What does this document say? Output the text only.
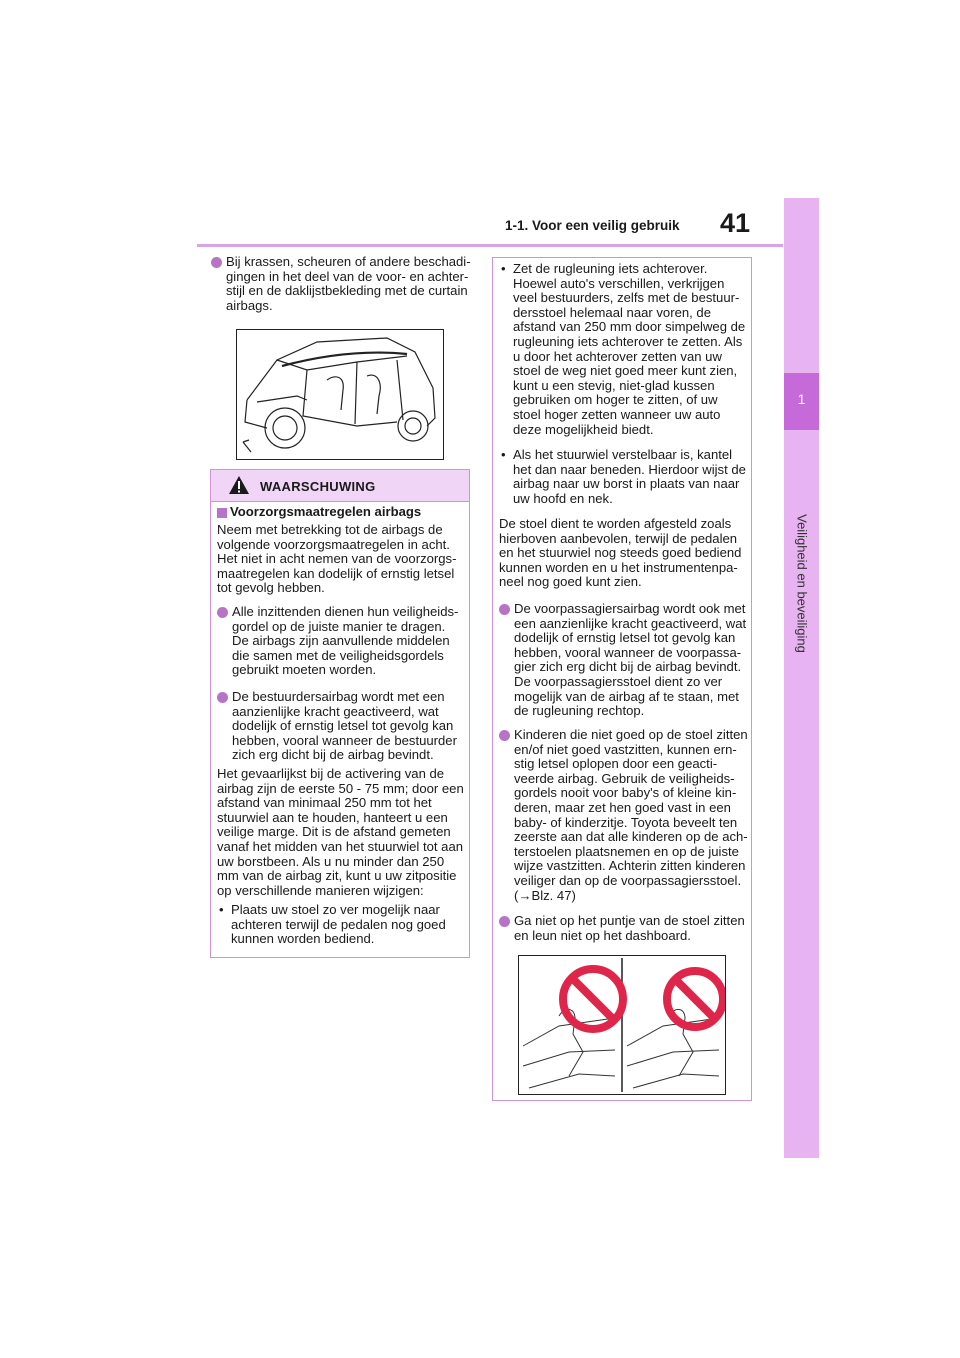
41
1-1. Voor een veilig gebruik
1
Veiligheid en beveiliging
Bij krassen, scheuren of andere beschadi-
gingen in het deel van de voor- en achter-
stijl en de daklijstbekleding met de curtain
airbags.
WAARSCHUWING
Voorzorgsmaatregelen airbags
Neem met betrekking tot de airbags de
volgende voorzorgsmaatregelen in acht.
Het niet in acht nemen van de voorzorgs-
maatregelen kan dodelijk of ernstig letsel
tot gevolg hebben.
Alle inzittenden dienen hun veiligheids-
gordel op de juiste manier te dragen.
De airbags zijn aanvullende middelen
die samen met de veiligheidsgordels
gebruikt moeten worden.
De bestuurdersairbag wordt met een
aanzienlijke kracht geactiveerd, wat
dodelijk of ernstig letsel tot gevolg kan
hebben, vooral wanneer de bestuurder
zich erg dicht bij de airbag bevindt.
Het gevaarlijkst bij de activering van de
airbag zijn de eerste 50 - 75 mm; door een
afstand van minimaal 250 mm tot het
stuurwiel aan te houden, hanteert u een
veilige marge. Dit is de afstand gemeten
vanaf het midden van het stuurwiel tot aan
uw borstbeen. Als u nu minder dan 250
mm van de airbag zit, kunt u uw zitpositie
op verschillende manieren wijzigen:
• Plaats uw stoel zo ver mogelijk naar
achteren terwijl de pedalen nog goed
kunnen worden bediend.
• Zet de rugleuning iets achterover.
Hoewel auto's verschillen, verkrijgen
veel bestuurders, zelfs met de bestuur-
dersstoel helemaal naar voren, de
afstand van 250 mm door simpelweg de
rugleuning iets achterover te zetten. Als
u door het achterover zetten van uw
stoel de weg niet goed meer kunt zien,
kunt u een stevig, niet-glad kussen
gebruiken om hoger te zitten, of uw
stoel hoger zetten wanneer uw auto
deze mogelijkheid biedt.
• Als het stuurwiel verstelbaar is, kantel
het dan naar beneden. Hierdoor wijst de
airbag naar uw borst in plaats van naar
uw hoofd en nek.
De stoel dient te worden afgesteld zoals
hierboven aanbevolen, terwijl de pedalen
en het stuurwiel nog steeds goed bediend
kunnen worden en u het instrumentenpa-
neel nog goed kunt zien.
De voorpassagiersairbag wordt ook met
een aanzienlijke kracht geactiveerd, wat
dodelijk of ernstig letsel tot gevolg kan
hebben, vooral wanneer de voorpassa-
gier zich erg dicht bij de airbag bevindt.
De voorpassagiersstoel dient zo ver
mogelijk van de airbag af te staan, met
de rugleuning rechtop.
Kinderen die niet goed op de stoel zitten
en/of niet goed vastzitten, kunnen ern-
stig letsel oplopen door een geacti-
veerde airbag. Gebruik de veiligheids-
gordels nooit voor baby's of kleine kin-
deren, maar zet hen goed vast in een
baby- of kinderzitje. Toyota beveelt ten
zeerste aan dat alle kinderen op de ach-
terstoelen plaatsnemen en op de juiste
wijze vastzitten. Achterin zitten kinderen
veiliger dan op de voorpassagiersstoel.
(→Blz. 47)
Ga niet op het puntje van de stoel zitten
en leun niet op het dashboard.
